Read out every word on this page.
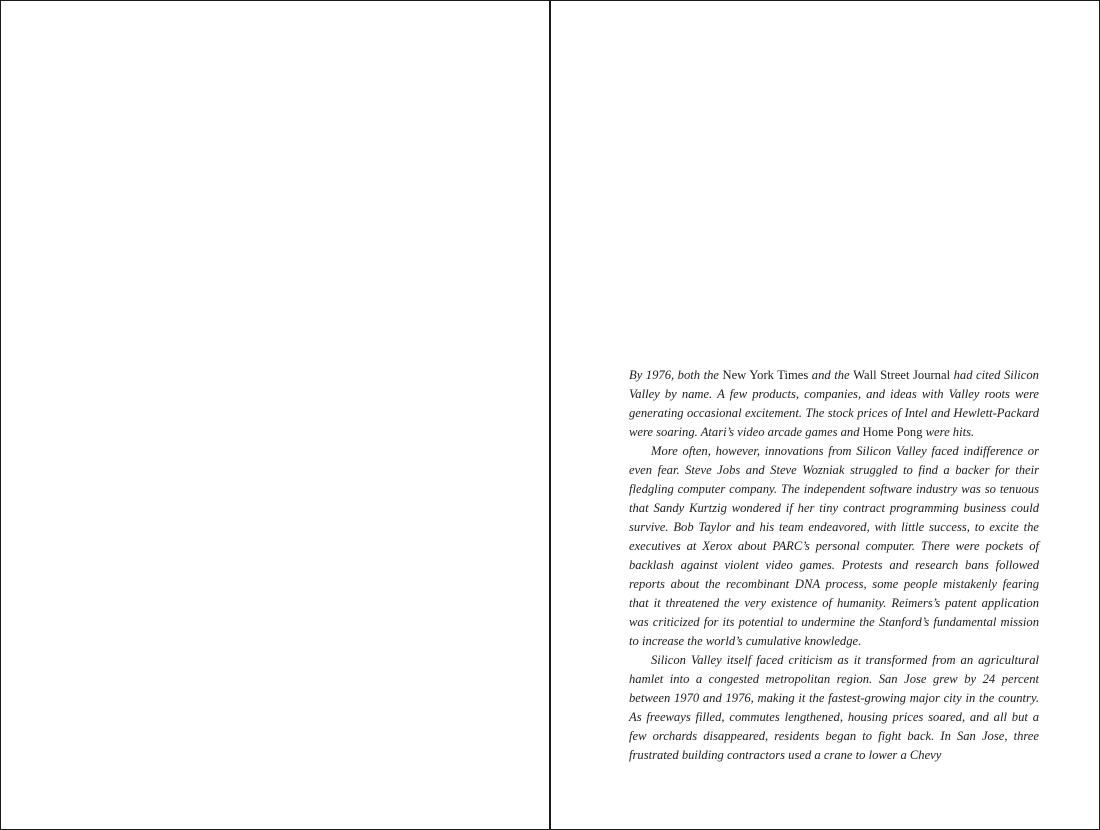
By 1976, both the New York Times and the Wall Street Journal had cited Silicon Valley by name. A few products, companies, and ideas with Valley roots were generating occasional excitement. The stock prices of Intel and Hewlett-Packard were soaring. Atari’s video arcade games and Home Pong were hits.

More often, however, innovations from Silicon Valley faced indifference or even fear. Steve Jobs and Steve Wozniak struggled to find a backer for their fledgling computer company. The independent software industry was so tenuous that Sandy Kurtzig wondered if her tiny contract programming business could survive. Bob Taylor and his team endeavored, with little success, to excite the executives at Xerox about PARC’s personal computer. There were pockets of backlash against violent video games. Protests and research bans followed reports about the recombinant DNA process, some people mistakenly fearing that it threatened the very existence of humanity. Reimers’s patent application was criticized for its potential to undermine the Stanford’s fundamental mission to increase the world’s cumulative knowledge.

Silicon Valley itself faced criticism as it transformed from an agricultural hamlet into a congested metropolitan region. San Jose grew by 24 percent between 1970 and 1976, making it the fastest-growing major city in the country. As freeways filled, commutes lengthened, housing prices soared, and all but a few orchards disappeared, residents began to fight back. In San Jose, three frustrated building contractors used a crane to lower a Chevy
